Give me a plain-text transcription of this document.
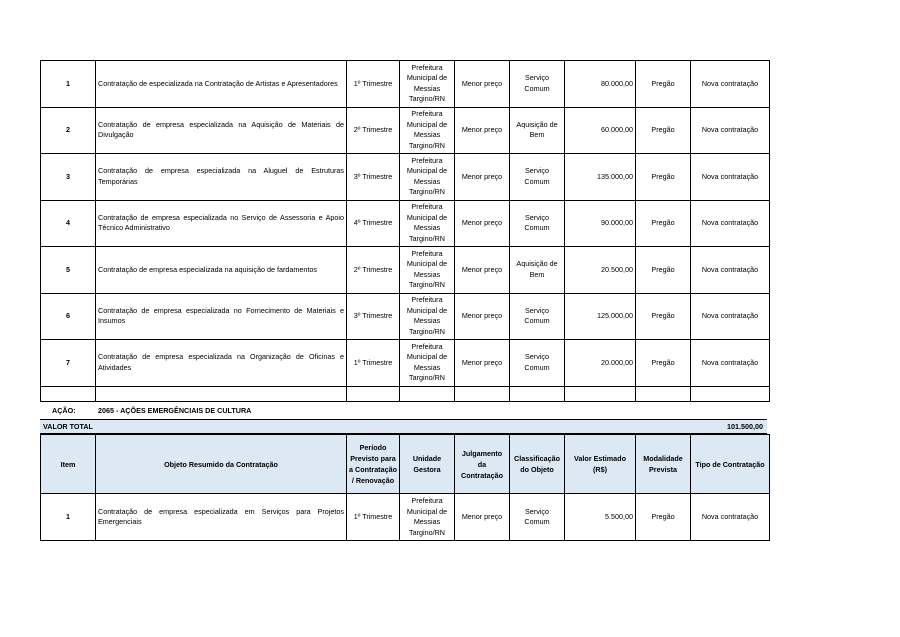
1	Contratação de especializada na Contratação de Artistas e Apresentadores	1º Trimestre	Prefeitura Municipal de Messias Targino/RN	Menor preço	Serviço Comum	80.000,00	Pregão	Nova contratação
2	Contratação de empresa especializada na Aquisição de Materiais de Divulgação	2º Trimestre	Prefeitura Municipal de Messias Targino/RN	Menor preço	Aquisição de Bem	60.000,00	Pregão	Nova contratação
3	Contratação de empresa especializada na Aluguel de Estruturas Temporárias	3º Trimestre	Prefeitura Municipal de Messias Targino/RN	Menor preço	Serviço Comum	135.000,00	Pregão	Nova contratação
4	Contratação de empresa especializada no Serviço de Assessoria e Apoio Técnico Administrativo	4º Trimestre	Prefeitura Municipal de Messias Targino/RN	Menor preço	Serviço Comum	90.000,00	Pregão	Nova contratação
5	Contratação de empresa especializada na aquisição de fardamentos	2º Trimestre	Prefeitura Municipal de Messias Targino/RN	Menor preço	Aquisição de Bem	20.500,00	Pregão	Nova contratação
6	Contratação de empresa especializada no Fornecimento de Materiais e Insumos	3º Trimestre	Prefeitura Municipal de Messias Targino/RN	Menor preço	Serviço Comum	125.000,00	Pregão	Nova contratação
7	Contratação de empresa especializada na Organização de Oficinas e Atividades	1º Trimestre	Prefeitura Municipal de Messias Targino/RN	Menor preço	Serviço Comum	20.000,00	Pregão	Nova contratação

AÇÃO:	2065 - AÇÕES EMERGÊNCIAIS DE CULTURA
VALOR TOTAL	101.500,00
Item	Objeto Resumido da Contratação	Período Previsto para a Contratação / Renovação	Unidade Gestora	Julgamento da Contratação	Classificação do Objeto	Valor Estimado (R$)	Modalidade Prevista	Tipo de Contratação
1	Contratação de empresa especializada em Serviços para Projetos Emergenciais	1º Trimestre	Prefeitura Municipal de Messias Targino/RN	Menor preço	Serviço Comum	5.500,00	Pregão	Nova contratação
